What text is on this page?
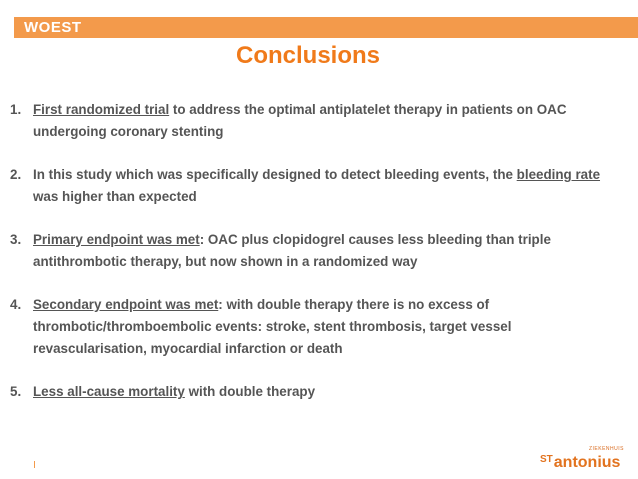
WOEST
Conclusions
1. First randomized trial to address the optimal antiplatelet therapy in patients on OAC undergoing coronary stenting
2. In this study which was specifically designed to detect bleeding events, the bleeding rate was higher than expected
3. Primary endpoint was met: OAC plus clopidogrel causes less bleeding than triple antithrombotic therapy, but now shown in a randomized way
4. Secondary endpoint was met: with double therapy there is no excess of thrombotic/thromboembolic events: stroke, stent thrombosis, target vessel revascularisation, myocardial infarction or death
5. Less all-cause mortality with double therapy
ZIEKENHUIS
$^{ST}$antonius
